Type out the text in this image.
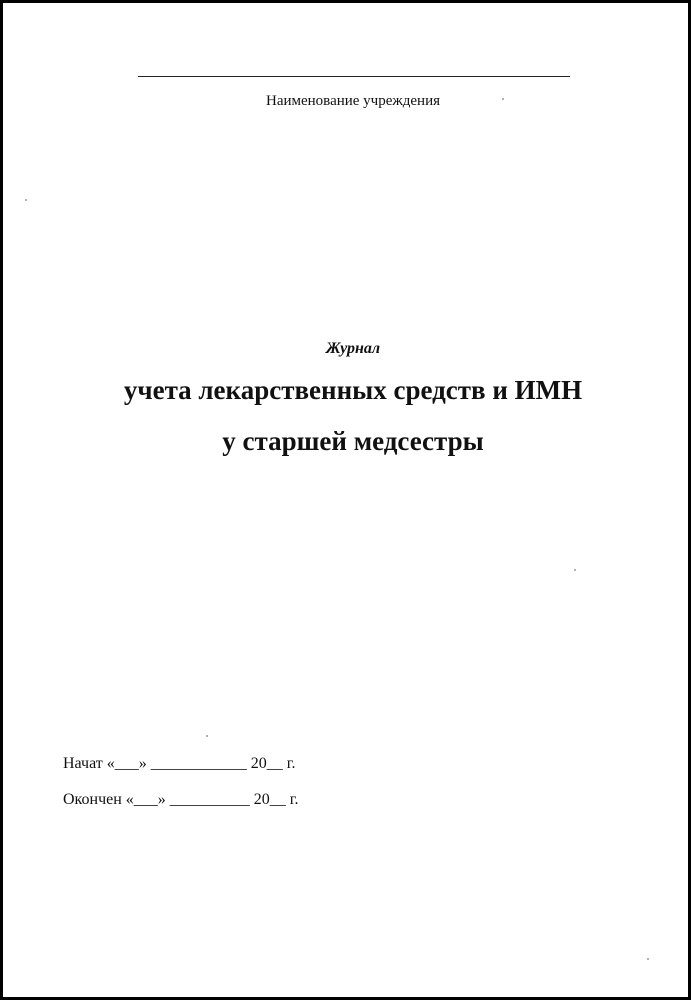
Наименование учреждения
Журнал
учета лекарственных средств и ИМН
у старшей медсестры
Начат «___» ____________ 20__ г.
Окончен «___» __________ 20__ г.
